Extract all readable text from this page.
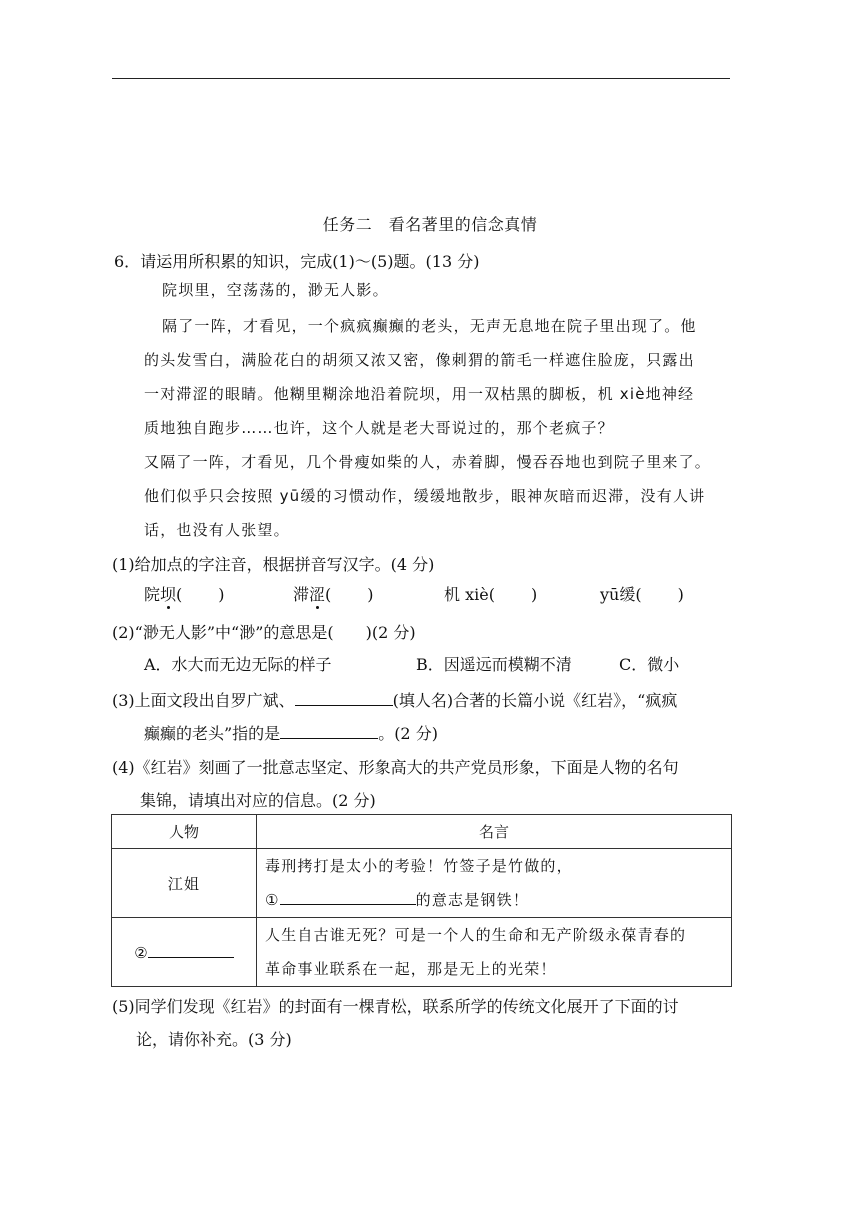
任务二　看名著里的信念真情
6．请运用所积累的知识，完成(1)～(5)题。(13 分)
院坝里，空荡荡的，渺无人影。
隔了一阵，才看见，一个疯疯癫癫的老头，无声无息地在院子里出现了。他
的头发雪白，满脸花白的胡须又浓又密，像刺猬的箭毛一样遮住脸庞，只露出
一对滞涩的眼睛。他糊里糊涂地沿着院坝，用一双枯黑的脚板，机 xiè地神经
质地独自跑步……也许，这个人就是老大哥说过的，那个老疯子？
又隔了一阵，才看见，几个骨瘦如柴的人，赤着脚，慢吞吞地也到院子里来了。
他们似乎只会按照 yū缓的习惯动作，缓缓地散步，眼神灰暗而迟滞，没有人讲
话，也没有人张望。
(1)给加点的字注音，根据拼音写汉字。(4 分)
院坝( )	滞涩( )	机 xiè( )	yū缓( )
(2)“渺无人影”中“渺”的意思是(　　)(2 分)
A．水大而无边无际的样子	B．因遥远而模糊不清	C．微小
(3)上面文段出自罗广斌、	(填人名)合著的长篇小说《红岩》，“疯疯
癫癫的老头”指的是	。(2 分)
(4)《红岩》刻画了一批意志坚定、形象高大的共产党员形象，下面是人物的名句
集锦，请填出对应的信息。(2 分)
人物	名言
江姐	毒刑拷打是太小的考验！竹签子是竹做的，
① 的意志是钢铁！

②	人生自古谁无死？可是一个人的生命和无产阶级永葆青春的
革命事业联系在一起，那是无上的光荣！
(5)同学们发现《红岩》的封面有一棵青松，联系所学的传统文化展开了下面的讨
论，请你补充。(3 分)
